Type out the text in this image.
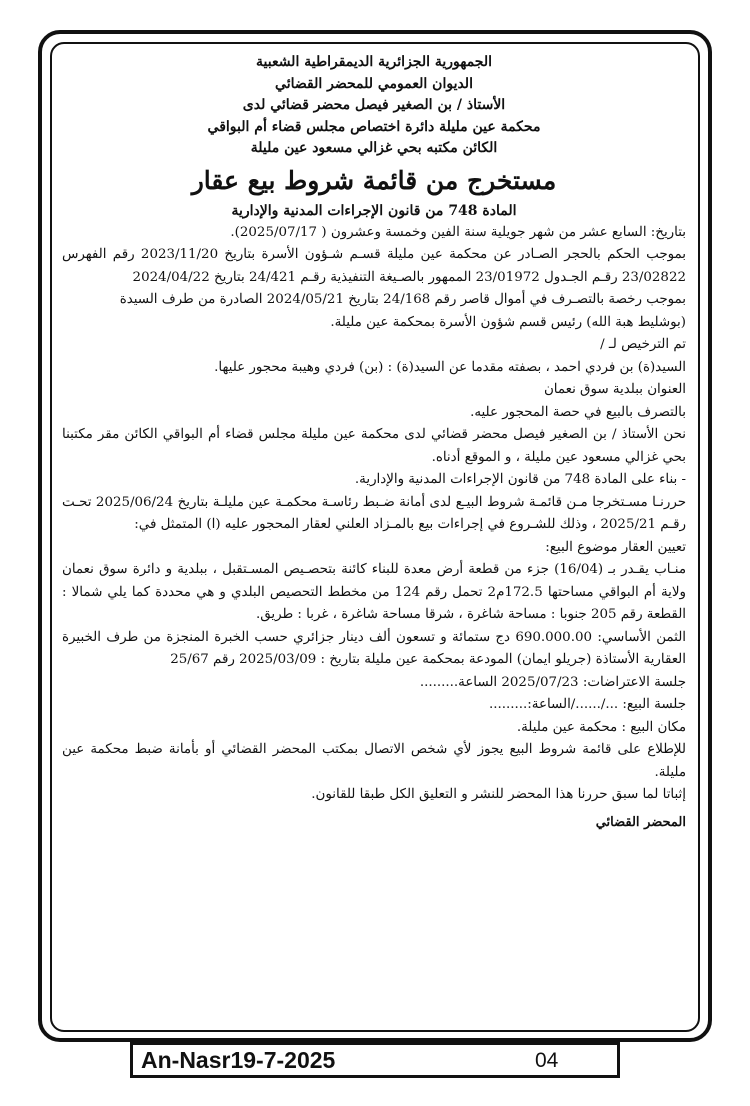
الجمهورية الجزائرية الديمقراطية الشعبية
الديوان العمومي للمحضر القضائي
الأستاذ / بن الصغير فيصل محضر قضائي لدى
محكمة عين مليلة دائرة اختصاص مجلس قضاء أم البواقي
الكائن مكتبه بحي غزالي مسعود عين مليلة
مستخرج من قائمة شروط بيع عقار
المادة 748 من قانون الإجراءات المدنية والإدارية

بتاريخ: السابع عشر من شهر جويلية سنة الفين وخمسة وعشرون ( 2025/07/17).

بموجب الحكم بالحجر الصـادر عن محكمة عين مليلة قسـم شـؤون الأسرة بتاريخ 2023/11/20 رقم الفهرس 23/02822 رقـم الجـدول 23/01972 الممهور بالصـيغة التنفيذية رقـم 24/421 بتاريخ 2024/04/22

بموجب رخصة بالتصـرف في أموال قاصر رقم 24/168 بتاريخ 2024/05/21 الصادرة من طرف السيدة

(بوشليط هبة الله) رئيس قسم شؤون الأسرة بمحكمة عين مليلة.

تم الترخيص لـ /

السيد(ة) بن فردي احمد ، بصفته مقدما عن السيد(ة) : (بن) فردي وهيبة محجور عليها.

العنوان ببلدية سوق نعمان

بالتصرف بالبيع في حصة المحجور عليه.

نحن الأستاذ / بن الصغير فيصل محضر قضائي لدى محكمة عين مليلة مجلس قضاء أم البواقي الكائن مقر مكتبنا بحي غزالي مسعود عين مليلة ، و الموقع أدناه.

- بناء على المادة 748 من قانون الإجراءات المدنية والإدارية.

حررنـا مسـتخرجا مـن قائمـة شروط البيـع لدى أمانة ضـبط رئاسـة محكمـة عين مليلـة بتاريخ 2025/06/24 تحـت رقـم 2025/21 ، وذلك للشـروع في إجراءات بيع بالمـزاد العلني لعقار المحجور عليه (ا) المتمثل في:

تعيين العقار موضوع البيع:

منـاب يقـدر بـ (16/04) جزء من قطعة أرض معدة للبناء كائنة بتحصـيص المسـتقبل ، ببلدية و دائرة سوق نعمان ولاية أم البواقي مساحتها 172.5م2 تحمل رقم 124 من مخطط التحصيص البلدي و هي محددة كما يلي شمالا : القطعة رقم 205 جنوبا : مساحة شاغرة ، شرقا مساحة شاغرة ، غربا : طريق.

الثمن الأساسي: 690.000.00 دج ستمائة و تسعون ألف دينار جزائري حسب الخبرة المنجزة من طرف الخبيرة العقارية الأستاذة (جريلو ايمان) المودعة بمحكمة عين مليلة بتاريخ : 2025/03/09 رقم 25/67

جلسة الاعتراضات: 2025/07/23 الساعة.........

جلسة البيع: .../....../الساعة:.........

مكان البيع : محكمة عين مليلة.

للإطلاع على قائمة شروط البيع يجوز لأي شخص الاتصال بمكتب المحضر القضائي أو بأمانة ضبط محكمة عين مليلة.

إثباتا لما سبق حررنا هذا المحضر للنشر و التعليق الكل طبقا للقانون.

المحضر القضائي
An-Nasr19-7-2025	04
